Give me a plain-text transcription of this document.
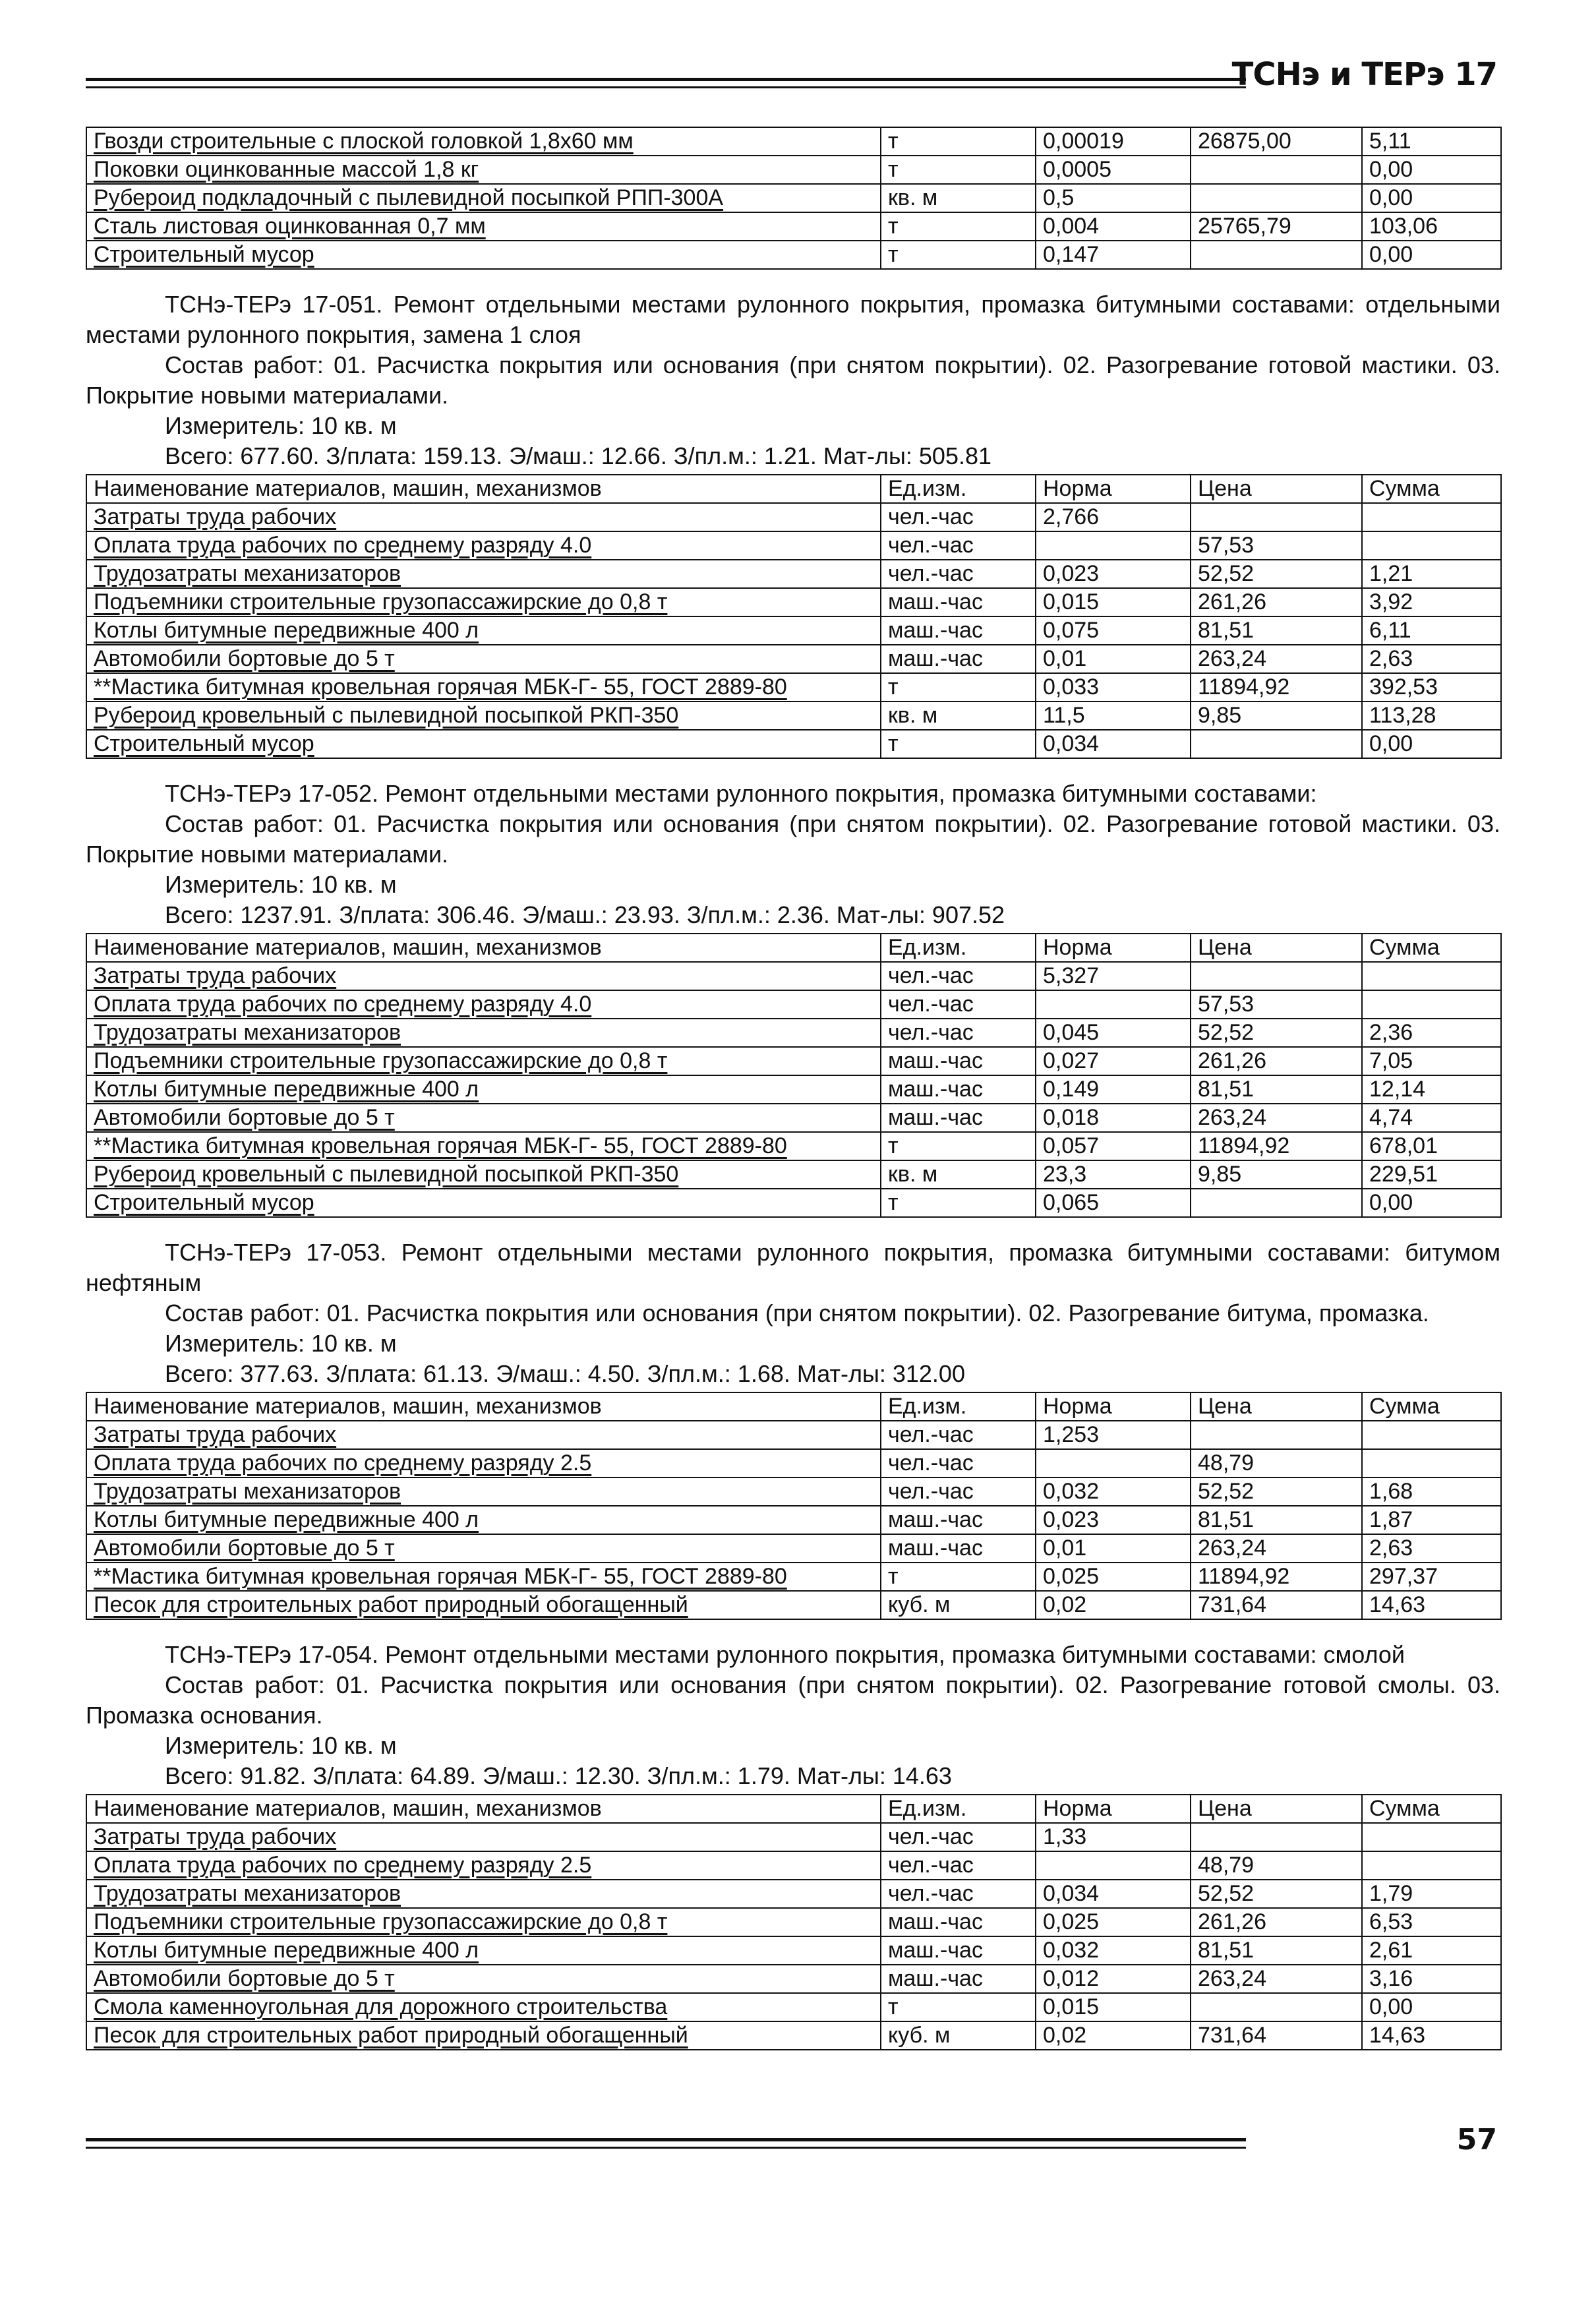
ТСНэ и ТЕРэ 17
Гвозди строительные с плоской головкой 1,8х60 мм	т	0,00019	26875,00	5,11
Поковки оцинкованные массой 1,8 кг	т	0,0005		0,00
Рубероид подкладочный с пылевидной посыпкой РПП-300А	кв. м	0,5		0,00
Сталь листовая оцинкованная 0,7 мм	т	0,004	25765,79	103,06
Строительный мусор	т	0,147		0,00

ТСНэ-ТЕРэ 17-051. Ремонт отдельными местами рулонного покрытия, промазка битумными составами: отдельными местами рулонного покрытия, замена 1 слоя

Состав работ: 01. Расчистка покрытия или основания (при снятом покрытии). 02. Разогревание готовой мастики. 03. Покрытие новыми материалами.

Измеритель: 10 кв. м

Всего: 677.60. З/плата: 159.13. Э/маш.: 12.66. З/пл.м.: 1.21. Мат-лы: 505.81

Наименование материалов, машин, механизмов	Ед.изм.	Норма	Цена	Сумма
Затраты труда рабочих	чел.-час	2,766		
Оплата труда рабочих по среднему разряду 4.0	чел.-час		57,53	
Трудозатраты механизаторов	чел.-час	0,023	52,52	1,21
Подъемники строительные грузопассажирские до 0,8 т	маш.-час	0,015	261,26	3,92
Котлы битумные передвижные 400 л	маш.-час	0,075	81,51	6,11
Автомобили бортовые до 5 т	маш.-час	0,01	263,24	2,63
**Мастика битумная кровельная горячая МБК-Г- 55, ГОСТ 2889-80	т	0,033	11894,92	392,53
Рубероид кровельный с пылевидной посыпкой РКП-350	кв. м	11,5	9,85	113,28
Строительный мусор	т	0,034		0,00

ТСНэ-ТЕРэ 17-052. Ремонт отдельными местами рулонного покрытия, промазка битумными составами:

Состав работ: 01. Расчистка покрытия или основания (при снятом покрытии). 02. Разогревание готовой мастики. 03. Покрытие новыми материалами.

Измеритель: 10 кв. м

Всего: 1237.91. З/плата: 306.46. Э/маш.: 23.93. З/пл.м.: 2.36. Мат-лы: 907.52

Наименование материалов, машин, механизмов	Ед.изм.	Норма	Цена	Сумма
Затраты труда рабочих	чел.-час	5,327		
Оплата труда рабочих по среднему разряду 4.0	чел.-час		57,53	
Трудозатраты механизаторов	чел.-час	0,045	52,52	2,36
Подъемники строительные грузопассажирские до 0,8 т	маш.-час	0,027	261,26	7,05
Котлы битумные передвижные 400 л	маш.-час	0,149	81,51	12,14
Автомобили бортовые до 5 т	маш.-час	0,018	263,24	4,74
**Мастика битумная кровельная горячая МБК-Г- 55, ГОСТ 2889-80	т	0,057	11894,92	678,01
Рубероид кровельный с пылевидной посыпкой РКП-350	кв. м	23,3	9,85	229,51
Строительный мусор	т	0,065		0,00

ТСНэ-ТЕРэ 17-053. Ремонт отдельными местами рулонного покрытия, промазка битумными составами: битумом нефтяным

Состав работ: 01. Расчистка покрытия или основания (при снятом покрытии). 02. Разогревание битума, промазка.

Измеритель: 10 кв. м

Всего: 377.63. З/плата: 61.13. Э/маш.: 4.50. З/пл.м.: 1.68. Мат-лы: 312.00

Наименование материалов, машин, механизмов	Ед.изм.	Норма	Цена	Сумма
Затраты труда рабочих	чел.-час	1,253		
Оплата труда рабочих по среднему разряду 2.5	чел.-час		48,79	
Трудозатраты механизаторов	чел.-час	0,032	52,52	1,68
Котлы битумные передвижные 400 л	маш.-час	0,023	81,51	1,87
Автомобили бортовые до 5 т	маш.-час	0,01	263,24	2,63
**Мастика битумная кровельная горячая МБК-Г- 55, ГОСТ 2889-80	т	0,025	11894,92	297,37
Песок для строительных работ природный обогащенный	куб. м	0,02	731,64	14,63

ТСНэ-ТЕРэ 17-054. Ремонт отдельными местами рулонного покрытия, промазка битумными составами: смолой

Состав работ: 01. Расчистка покрытия или основания (при снятом покрытии). 02. Разогревание готовой смолы. 03. Промазка основания.

Измеритель: 10 кв. м

Всего: 91.82. З/плата: 64.89. Э/маш.: 12.30. З/пл.м.: 1.79. Мат-лы: 14.63

Наименование материалов, машин, механизмов	Ед.изм.	Норма	Цена	Сумма
Затраты труда рабочих	чел.-час	1,33		
Оплата труда рабочих по среднему разряду 2.5	чел.-час		48,79	
Трудозатраты механизаторов	чел.-час	0,034	52,52	1,79
Подъемники строительные грузопассажирские до 0,8 т	маш.-час	0,025	261,26	6,53
Котлы битумные передвижные 400 л	маш.-час	0,032	81,51	2,61
Автомобили бортовые до 5 т	маш.-час	0,012	263,24	3,16
Смола каменноугольная для дорожного строительства	т	0,015		0,00
Песок для строительных работ природный обогащенный	куб. м	0,02	731,64	14,63
57
